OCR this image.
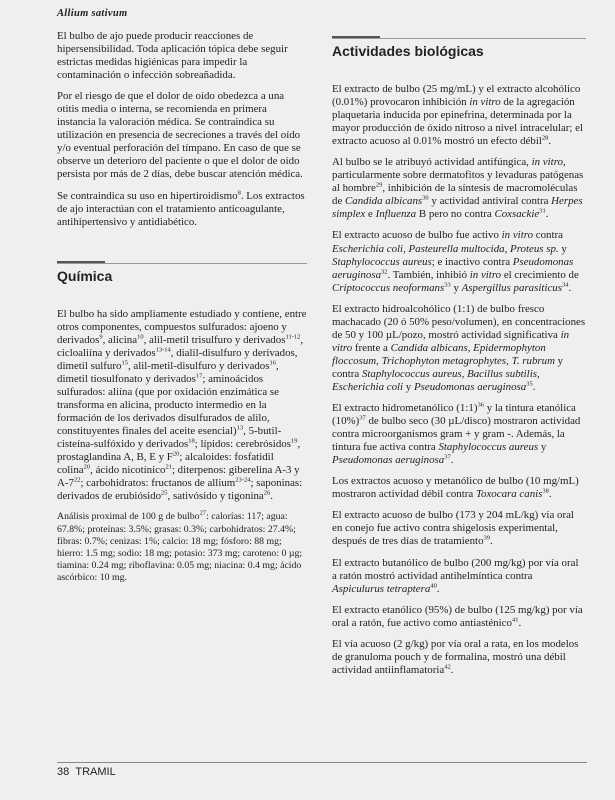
Allium sativum

El bulbo de ajo puede producir reacciones de hipersensibilidad. Toda aplicación tópica debe seguir estrictas medidas higiénicas para impedir la contaminación o infección sobreañadida.

Por el riesgo de que el dolor de oído obedezca a una otitis media o interna, se recomienda en primera instancia la valoración médica. Se contraindica su utilización en presencia de secreciones a través del oído y/o eventual perforación del tímpano. En caso de que se observe un deterioro del paciente o que el dolor de oído persista por más de 2 días, debe buscar atención médica.

Se contraindica su uso en hipertiroidismo$^8$. Los extractos de ajo interactúan con el tratamiento anticoagulante, antihipertensivo y antidiabético.

Química

El bulbo ha sido ampliamente estudiado y contiene, entre otros componentes, compuestos sulfurados: ajoeno y derivados$^9$, alicina$^{10}$, alil-metil trisulfuro y derivados$^{11-12}$, cicloaliína y derivados$^{13-14}$, dialil-disulfuro y derivados, dimetil sulfuro$^{15}$, alil-metil-disulfuro y derivados$^{16}$, dimetil tiosulfonato y derivados$^{17}$; aminoácidos sulfurados: aliína (que por oxidación enzimática se transforma en alicina, producto intermedio en la formación de los derivados disulfurados de alilo, constituyentes finales del aceite esencial)$^{13}$, 5-butil-cisteína-sulfóxido y derivados$^{18}$; lípidos: cerebrósidos$^{19}$, prostaglandina A, B, E y $F^{20}$; alcaloides: fosfatidil colina$^{20}$, ácido nicotínico$^{21}$; diterpenos: giberelina A-3 y $A-7^{22}$; carbohidratos: fructanos de allium$^{23-24}$; saponinas: derivados de erubiósido$^{25}$, sativósido y tigonina$^{26}$.

Análisis proximal de 100 g de bulbo$^{27}$: calorías: 117; agua: 67.8%; proteínas: 3.5%; grasas: 0.3%; carbohidratos: 27.4%; fibras: 0.7%; cenizas: 1%; calcio: 18 mg; fósforo: 88 mg; hierro: 1.5 mg; sodio: 18 mg; potasio: 373 mg; caroteno: 0 µg; tiamina: 0.24 mg; riboflavina: 0.05 mg; niacina: 0.4 mg; ácido ascórbico: 10 mg.

Actividades biológicas

El extracto de bulbo (25 mg/mL) y el extracto alcohólico (0.01%) provocaron inhibición in vitro de la agregación plaquetaria inducida por epinefrina, determinada por la mayor producción de óxido nitroso a nivel intracelular; el extracto acuoso al 0.01% mostró un efecto débil$^{28}$.

Al bulbo se le atribuyó actividad antifúngica, in vitro, particularmente sobre dermatofitos y levaduras patógenas al hombre$^{29}$, inhibición de la síntesis de macromoléculas de Candida albicans$^{30}$ y actividad antiviral contra Herpes simplex e Influenza B pero no contra Coxsackie$^{31}$.

El extracto acuoso de bulbo fue activo in vitro contra Escherichia coli, Pasteurella multocida, Proteus sp. y Staphylococcus aureus; e inactivo contra Pseudomonas aeruginosa$^{32}$. También, inhibió in vitro el crecimiento de Criptococcus neoformans$^{33}$ y Aspergillus parasiticus$^{34}$.

El extracto hidroalcohólico (1:1) de bulbo fresco machacado (20 ó 50% peso/volumen), en concentraciones de 50 y 100 µL/pozo, mostró actividad significativa in vitro frente a Candida albicans, Epidermophyton floccosum, Trichophyton metagrophytes, T. rubrum y contra Staphylococcus aureus, Bacillus subtilis, Escherichia coli y Pseudomonas aeruginosa$^{35}$.

El extracto hidrometanólico (1:1)$^{36}$ y la tintura etanólica $(10\%)^{37}$ de bulbo seco (30 µL/disco) mostraron actividad contra microorganismos gram + y gram -. Además, la tintura fue activa contra Staphylococcus aureus y Pseudomonas aeruginosa$^{37}$.

Los extractos acuoso y metanólico de bulbo (10 mg/mL) mostraron actividad débil contra Toxocara canis$^{38}$.

El extracto acuoso de bulbo (173 y 204 mL/kg) vía oral en conejo fue activo contra shigelosis experimental, después de tres días de tratamiento$^{39}$.

El extracto butanólico de bulbo (200 mg/kg) por vía oral a ratón mostró actividad antihelmíntica contra Aspiculurus tetraptera$^{40}$.

El extracto etanólico (95%) de bulbo (125 mg/kg) por vía oral a ratón, fue activo como antiasténico$^{41}$.

El vía acuoso (2 g/kg) por vía oral a rata, en los modelos de granuloma pouch y de formalina, mostró una débil actividad antiinflamatoria$^{42}$.

38 TRAMIL
